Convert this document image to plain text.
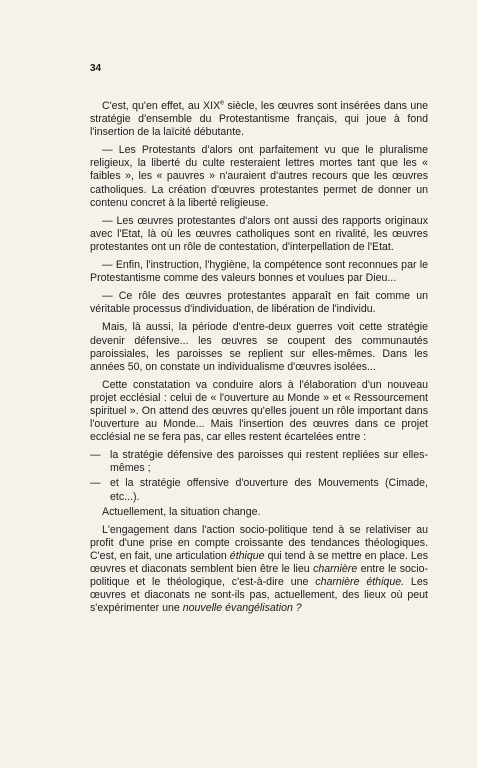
34

C'est, qu'en effet, au XIXe siècle, les œuvres sont insérées dans une stratégie d'ensemble du Protestantisme français, qui joue à fond l'insertion de la laïcité débutante.

— Les Protestants d'alors ont parfaitement vu que le pluralisme religieux, la liberté du culte resteraient lettres mortes tant que les « faibles », les « pauvres » n'auraient d'autres recours que les œuvres catholiques. La création d'œuvres protestantes permet de donner un contenu concret à la liberté religieuse.

— Les œuvres protestantes d'alors ont aussi des rapports originaux avec l'Etat, là où les œuvres catholiques sont en rivalité, les œuvres protestantes ont un rôle de contestation, d'interpellation de l'Etat.

— Enfin, l'instruction, l'hygiène, la compétence sont reconnues par le Protestantisme comme des valeurs bonnes et voulues par Dieu...

— Ce rôle des œuvres protestantes apparaît en fait comme un véritable processus d'individuation, de libération de l'individu.

Mais, là aussi, la période d'entre-deux guerres voit cette stratégie devenir défensive... les œuvres se coupent des communautés paroissiales, les paroisses se replient sur elles-mêmes. Dans les années 50, on constate un individualisme d'œuvres isolées...

Cette constatation va conduire alors à l'élaboration d'un nouveau projet ecclésial : celui de « l'ouverture au Monde » et « Ressourcement spirituel ». On attend des œuvres qu'elles jouent un rôle important dans l'ouverture au Monde... Mais l'insertion des œuvres dans ce projet ecclésial ne se fera pas, car elles restent écartelées entre :

— la stratégie défensive des paroisses qui restent repliées sur elles-mêmes ;

— et la stratégie offensive d'ouverture des Mouvements (Cimade, etc...).

Actuellement, la situation change.

L'engagement dans l'action socio-politique tend à se relativiser au profit d'une prise en compte croissante des tendances théologiques. C'est, en fait, une articulation éthique qui tend à se mettre en place. Les œuvres et diaconats semblent bien être le lieu charnière entre le socio-politique et le théologique, c'est-à-dire une charnière éthique. Les œuvres et diaconats ne sont-ils pas, actuellement, des lieux où peut s'expérimenter une nouvelle évangélisation ?
